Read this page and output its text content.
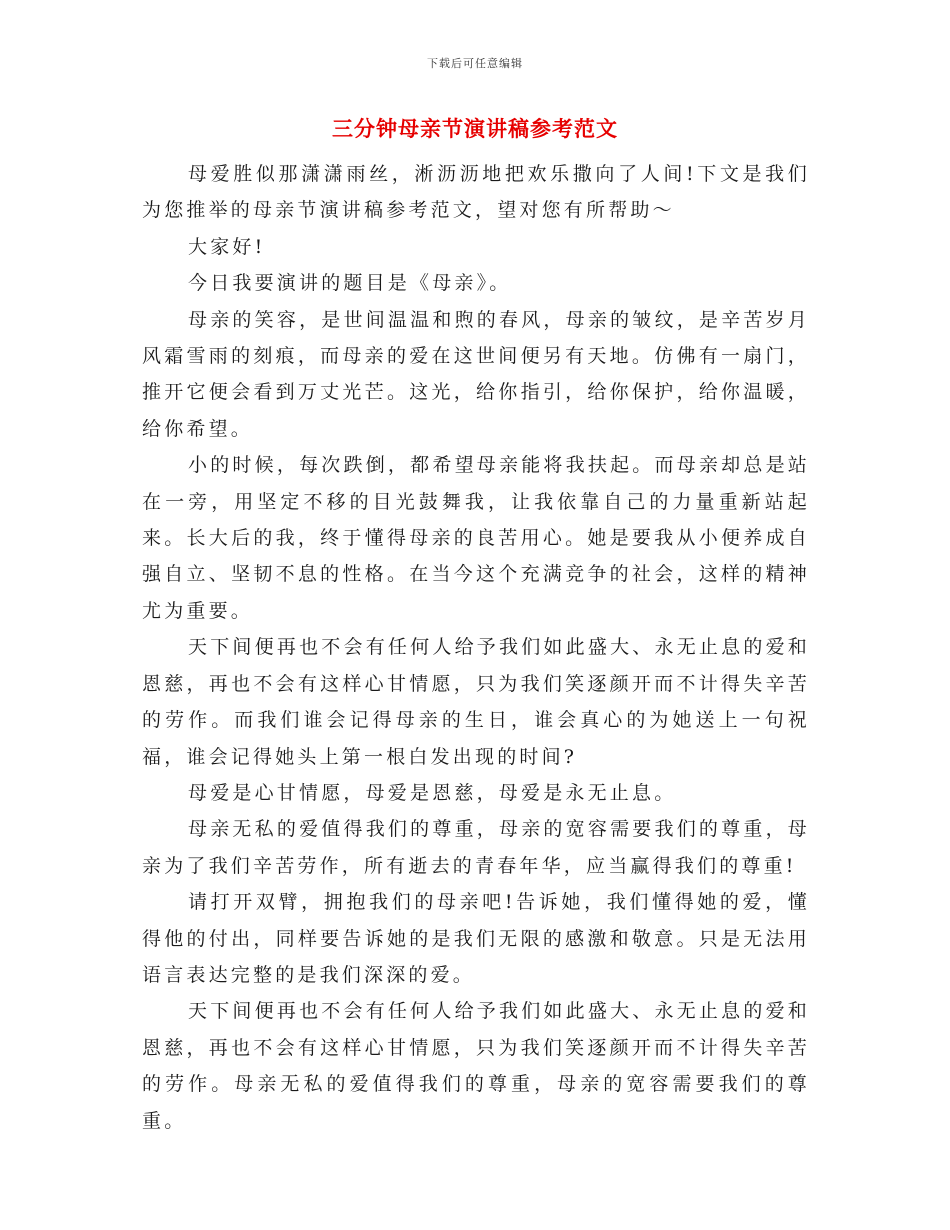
下载后可任意编辑
三分钟母亲节演讲稿参考范文

母爱胜似那潇潇雨丝，淅沥沥地把欢乐撒向了人间!下文是我们为您推举的母亲节演讲稿参考范文，望对您有所帮助～

大家好!

今日我要演讲的题目是《母亲》。

母亲的笑容，是世间温温和煦的春风，母亲的皱纹，是辛苦岁月风霜雪雨的刻痕，而母亲的爱在这世间便另有天地。仿佛有一扇门，推开它便会看到万丈光芒。这光，给你指引，给你保护，给你温暖，给你希望。

小的时候，每次跌倒，都希望母亲能将我扶起。而母亲却总是站在一旁，用坚定不移的目光鼓舞我，让我依靠自己的力量重新站起来。长大后的我，终于懂得母亲的良苦用心。她是要我从小便养成自强自立、坚韧不息的性格。在当今这个充满竞争的社会，这样的精神尤为重要。

天下间便再也不会有任何人给予我们如此盛大、永无止息的爱和恩慈，再也不会有这样心甘情愿，只为我们笑逐颜开而不计得失辛苦的劳作。而我们谁会记得母亲的生日，谁会真心的为她送上一句祝福，谁会记得她头上第一根白发出现的时间?

母爱是心甘情愿，母爱是恩慈，母爱是永无止息。

母亲无私的爱值得我们的尊重，母亲的宽容需要我们的尊重，母亲为了我们辛苦劳作，所有逝去的青春年华，应当赢得我们的尊重!

请打开双臂，拥抱我们的母亲吧!告诉她，我们懂得她的爱，懂得他的付出，同样要告诉她的是我们无限的感激和敬意。只是无法用语言表达完整的是我们深深的爱。

天下间便再也不会有任何人给予我们如此盛大、永无止息的爱和恩慈，再也不会有这样心甘情愿，只为我们笑逐颜开而不计得失辛苦的劳作。母亲无私的爱值得我们的尊重，母亲的宽容需要我们的尊重。
